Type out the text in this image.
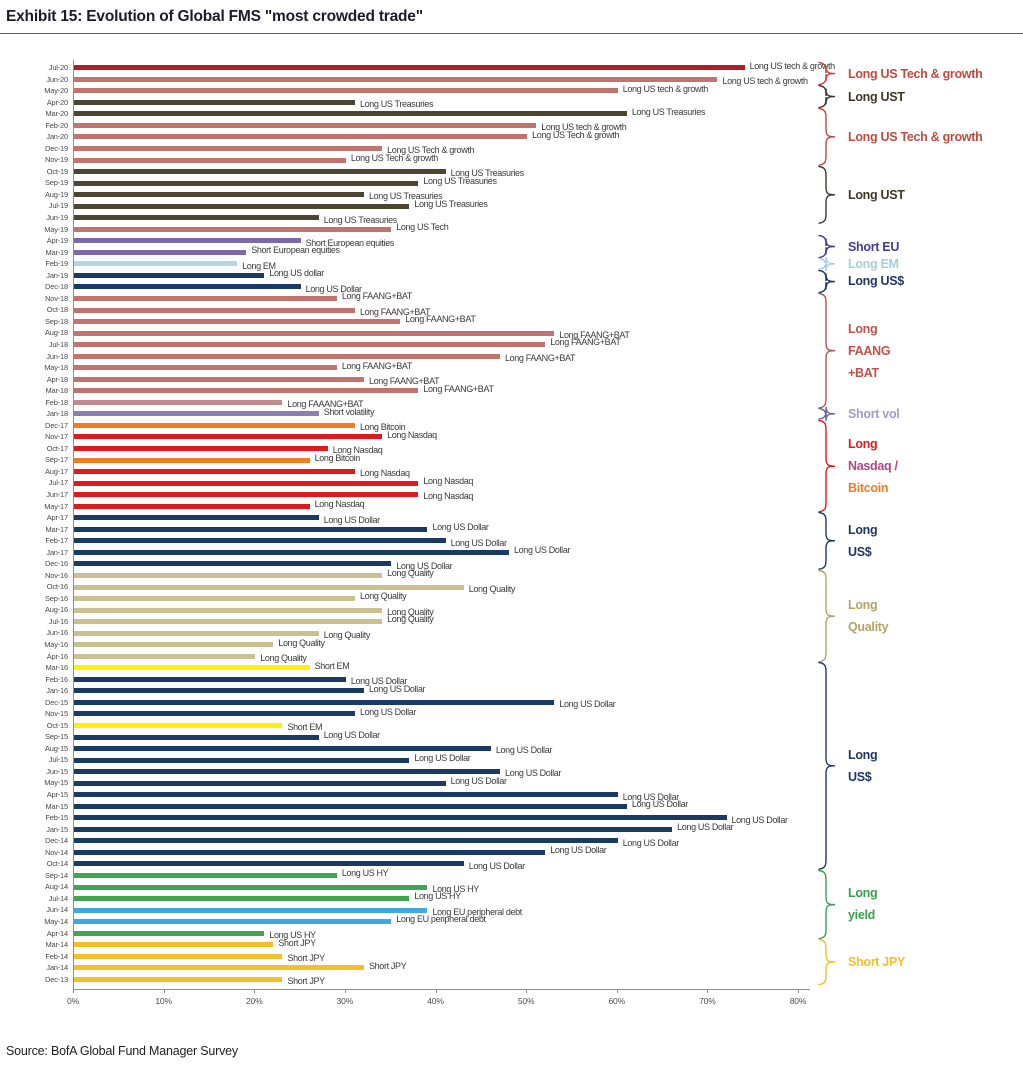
Exhibit 15: Evolution of Global FMS "most crowded trade"
Jul-20	Long US tech & growth
Jun-20	Long US tech & growth
May-20	Long US tech & growth
Apr-20	Long US Treasuries
Mar-20	Long US Treasuries
Feb-20	Long US tech & growth
Jan-20	Long US Tech & growth
Dec-19	Long US Tech & growth
Nov-19	Long US Tech & growth
Oct-19	Long US Treasuries
Sep-19	Long US Treasuries
Aug-19	Long US Treasuries
Jul-19	Long US Treasuries
Jun-19	Long US Treasuries
May-19	Long US Tech
Apr-19	Short European equities
Mar-19	Short European equities
Feb-19	Long EM
Jan-19	Long US dollar
Dec-18	Long US Dollar
Nov-18	Long FAANG+BAT
Oct-18	Long FAANG+BAT
Sep-18	Long FAANG+BAT
Aug-18	Long FAANG+BAT
Jul-18	Long FAANG+BAT
Jun-18	Long FAANG+BAT
May-18	Long FAANG+BAT
Apr-18	Long FAANG+BAT
Mar-18	Long FAANG+BAT
Feb-18	Long FAAANG+BAT
Jan-18	Short volatility
Dec-17	Long Bitcoin
Nov-17	Long Nasdaq
Oct-17	Long Nasdaq
Sep-17	Long Bitcoin
Aug-17	Long Nasdaq
Jul-17	Long Nasdaq
Jun-17	Long Nasdaq
May-17	Long Nasdaq
Apr-17	Long US Dollar
Mar-17	Long US Dollar
Feb-17	Long US Dollar
Jan-17	Long US Dollar
Dec-16	Long US Dollar
Nov-16	Long Quality
Oct-16	Long Quality
Sep-16	Long Quality
Aug-16	Long Quality
Jul-16	Long Quality
Jun-16	Long Quality
May-16	Long Quality
Apr-16	Long Quality
Mar-16	Short EM
Feb-16	Long US Dollar
Jan-16	Long US Dollar
Dec-15	Long US Dollar
Nov-15	Long US Dollar
Oct-15	Short EM
Sep-15	Long US Dollar
Aug-15	Long US Dollar
Jul-15	Long US Dollar
Jun-15	Long US Dollar
May-15	Long US Dollar
Apr-15	Long US Dollar
Mar-15	Long US Dollar
Feb-15	Long US Dollar
Jan-15	Long US Dollar
Dec-14	Long US Dollar
Nov-14	Long US Dollar
Oct-14	Long US Dollar
Sep-14	Long US HY
Aug-14	Long US HY
Jul-14	Long US HY
Jun-14	Long EU peripheral debt
May-14	Long EU peripheral debt
Apr-14	Long US HY
Mar-14	Short JPY
Feb-14	Short JPY
Jan-14	Short JPY
Dec-13	Short JPY
0%	10%	20%	30%	40%	50%	60%	70%	80%
Long US Tech & growth
Long UST
Long US Tech & growth
Long UST
Short EU
Long EM
Long US$
Long
FAANG
+BAT
Short vol
Long
Nasdaq /
Bitcoin
Long
US$
Long
Quality
Long
US$
Long
yield
Short JPY
Source: BofA Global Fund Manager Survey
